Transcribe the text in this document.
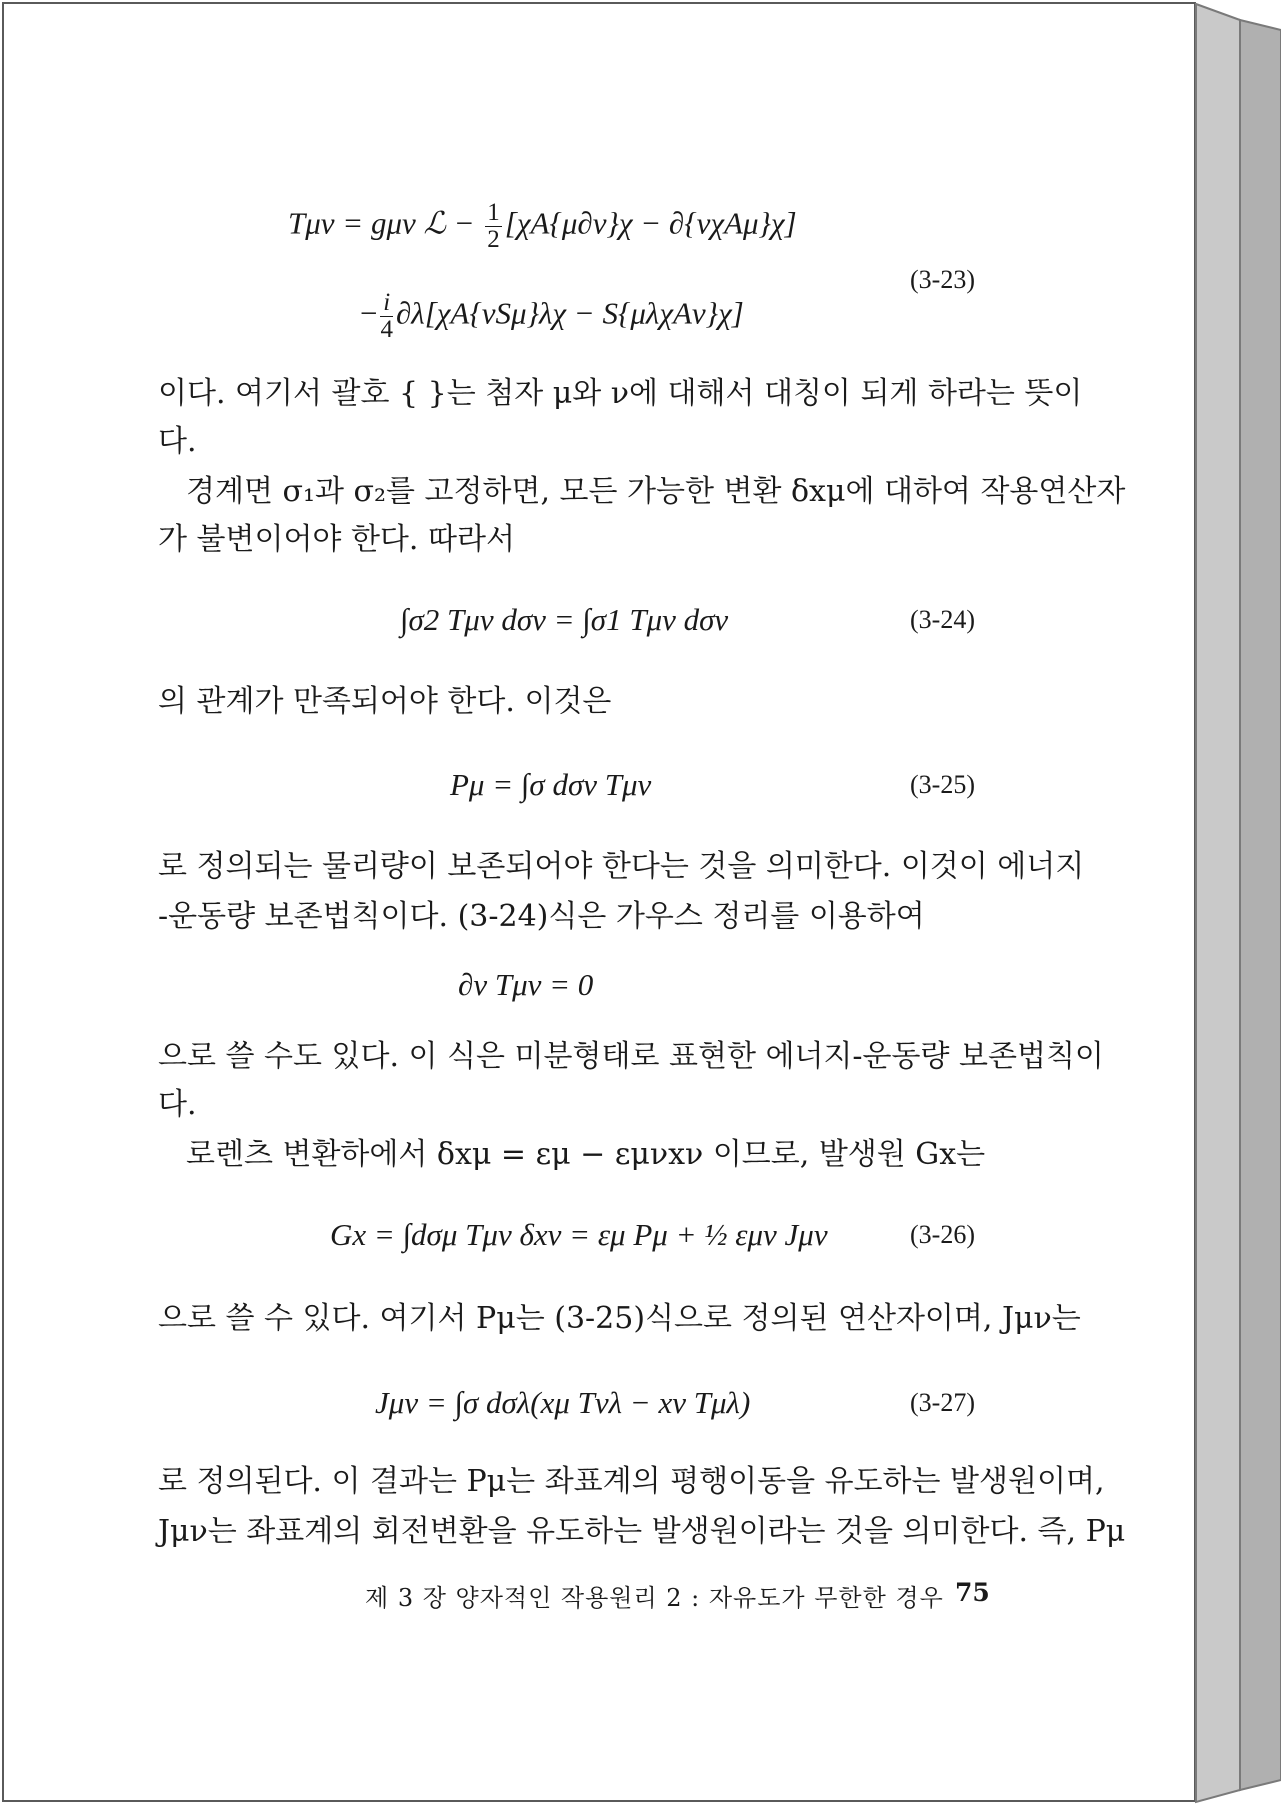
Tμν = gμν ℒ − $\frac{1}{2} [\chi A\{\mu\partial\nu\}\chi - \partial\{\nu\chi A\mu\}\chi]$
− $\frac{i}{4} \partial\lambda[\chi A\{\nu S\mu\}\lambda\chi - S\{\mu\lambda\chi A\nu\}\chi]$
(3-23)
이다. 여기서 괄호 { }는 첨자 μ와 ν에 대해서 대칭이 되게 하라는 뜻이
다.
경계면 σ₁과 σ₂를 고정하면, 모든 가능한 변환 δxμ에 대하여 작용연산자
가 불변이어야 한다. 따라서
∫σ2 Tμν dσν = ∫σ1 Tμν dσν	(3-24)
의 관계가 만족되어야 한다. 이것은
Pμ = ∫σ dσν Tμν	(3-25)
로 정의되는 물리량이 보존되어야 한다는 것을 의미한다. 이것이 에너지
-운동량 보존법칙이다. (3-24)식은 가우스 정리를 이용하여
∂ν Tμν = 0
으로 쓸 수도 있다. 이 식은 미분형태로 표현한 에너지-운동량 보존법칙이
다.
로렌츠 변환하에서 δxμ = εμ − εμνxν 이므로, 발생원 Gx는
Gx = ∫dσμ Tμν δxν = εμ Pμ + ½ εμν Jμν	(3-26)
으로 쓸 수 있다. 여기서 Pμ는 (3-25)식으로 정의된 연산자이며, Jμν는
Jμν = ∫σ dσλ(xμ Tνλ − xν Tμλ)	(3-27)
로 정의된다. 이 결과는 Pμ는 좌표계의 평행이동을 유도하는 발생원이며,
Jμν는 좌표계의 회전변환을 유도하는 발생원이라는 것을 의미한다. 즉, Pμ
제 3 장 양자적인 작용원리 2 : 자유도가 무한한 경우 75
